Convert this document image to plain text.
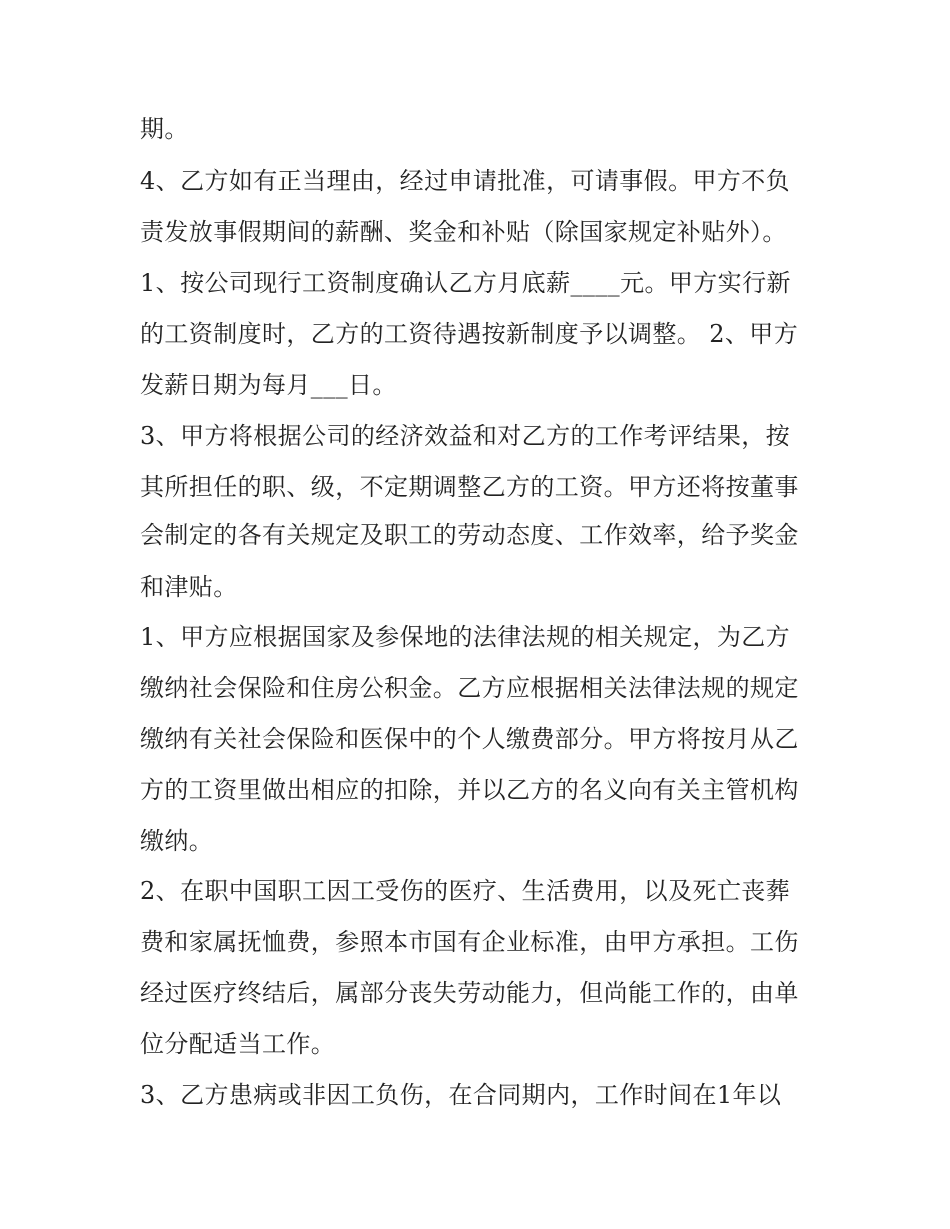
期。
4、乙方如有正当理由，经过申请批准，可请事假。甲方不负
责发放事假期间的薪酬、奖金和补贴（除国家规定补贴外）。
1、按公司现行工资制度确认乙方月底薪____元。甲方实行新
的工资制度时，乙方的工资待遇按新制度予以调整。 2、甲方
发薪日期为每月___日。
3、甲方将根据公司的经济效益和对乙方的工作考评结果，按
其所担任的职、级，不定期调整乙方的工资。甲方还将按董事
会制定的各有关规定及职工的劳动态度、工作效率，给予奖金
和津贴。
1、甲方应根据国家及参保地的法律法规的相关规定，为乙方
缴纳社会保险和住房公积金。乙方应根据相关法律法规的规定
缴纳有关社会保险和医保中的个人缴费部分。甲方将按月从乙
方的工资里做出相应的扣除，并以乙方的名义向有关主管机构
缴纳。
2、在职中国职工因工受伤的医疗、生活费用，以及死亡丧葬
费和家属抚恤费，参照本市国有企业标准，由甲方承担。工伤
经过医疗终结后，属部分丧失劳动能力，但尚能工作的，由单
位分配适当工作。
3、乙方患病或非因工负伤，在合同期内，工作时间在1年以
